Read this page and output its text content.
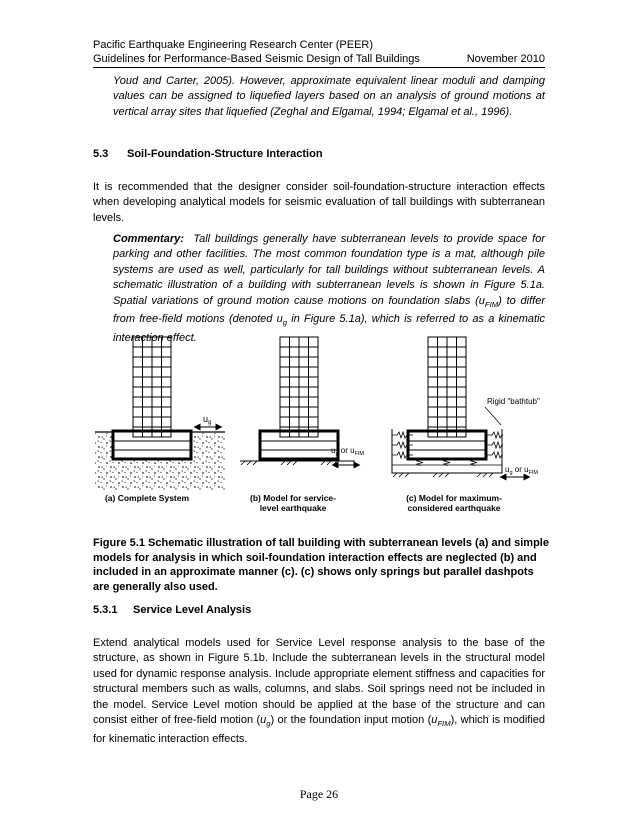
Pacific Earthquake Engineering Research Center (PEER)
Guidelines for Performance-Based Seismic Design of Tall Buildings	November 2010

Youd and Carter, 2005). However, approximate equivalent linear moduli and damping values can be assigned to liquefied layers based on an analysis of ground motions at vertical array sites that liquefied (Zeghal and Elgamal, 1994; Elgamal et al., 1996).

5.3 Soil-Foundation-Structure Interaction

It is recommended that the designer consider soil-foundation-structure interaction effects when developing analytical models for seismic evaluation of tall buildings with subterranean levels.

Commentary: Tall buildings generally have subterranean levels to provide space for parking and other facilities. The most common foundation type is a mat, although pile systems are used as well, particularly for tall buildings without subterranean levels. A schematic illustration of a building with subterranean levels is shown in Figure 5.1a. Spatial variations of ground motion cause motions on foundation slabs $(u_{FIM})$ to differ from free-field motions (denoted $u_g$ in Figure 5.1a), which is referred to as a kinematic interaction effect.

$u_g$
$u_g$ or $u_{FIM}$
Rigid "bathtub"
$u_g$ or $u_{FIM}$
(a) Complete System	(b) Model for service-
level earthquake
(c) Model for maximum-
considered earthquake

Figure 5.1 Schematic illustration of tall building with subterranean levels (a) and simple models for analysis in which soil-foundation interaction effects are neglected (b) and included in an approximate manner (c). (c) shows only springs but parallel dashpots are generally also used.

5.3.1 Service Level Analysis

Extend analytical models used for Service Level response analysis to the base of the structure, as shown in Figure 5.1b. Include the subterranean levels in the structural model used for dynamic response analysis. Include appropriate element stiffness and capacities for structural members such as walls, columns, and slabs. Soil springs need not be included in the model. Service Level motion should be applied at the base of the structure and can consist either of free-field motion $(u_g)$ or the foundation input motion $(u_{FIM})$, which is modified for kinematic interaction effects.

Page 26
